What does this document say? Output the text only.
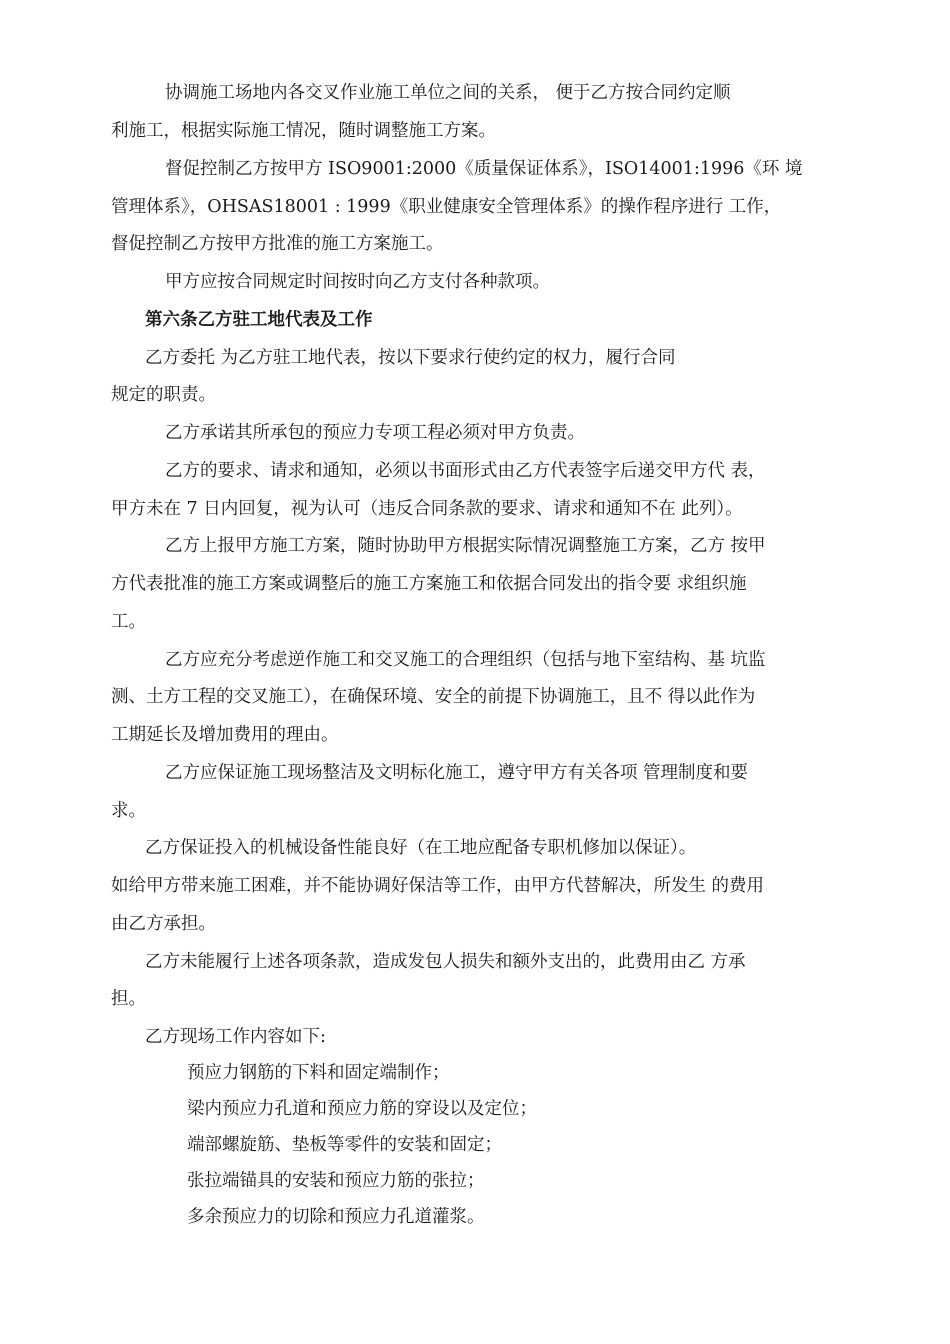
协调施工场地内各交叉作业施工单位之间的关系， 便于乙方按合同约定顺
利施工，根据实际施工情况，随时调整施工方案。
督促控制乙方按甲方 ISO9001:2000《质量保证体系》，ISO14001:1996《环 境
管理体系》，OHSAS18001 : 1999《职业健康安全管理体系》的操作程序进行 工作，
督促控制乙方按甲方批准的施工方案施工。
甲方应按合同规定时间按时向乙方支付各种款项。
第六条乙方驻工地代表及工作
乙方委托 为乙方驻工地代表，按以下要求行使约定的权力，履行合同
规定的职责。
乙方承诺其所承包的预应力专项工程必须对甲方负责。
乙方的要求、请求和通知，必须以书面形式由乙方代表签字后递交甲方代 表，
甲方未在 7 日内回复，视为认可（违反合同条款的要求、请求和通知不在 此列）。
乙方上报甲方施工方案，随时协助甲方根据实际情况调整施工方案，乙方 按甲
方代表批准的施工方案或调整后的施工方案施工和依据合同发出的指令要 求组织施
工。
乙方应充分考虑逆作施工和交叉施工的合理组织（包括与地下室结构、基 坑监
测、土方工程的交叉施工），在确保环境、安全的前提下协调施工，且不 得以此作为
工期延长及增加费用的理由。
乙方应保证施工现场整洁及文明标化施工，遵守甲方有关各项 管理制度和要
求。
乙方保证投入的机械设备性能良好（在工地应配备专职机修加以保证）。
如给甲方带来施工困难，并不能协调好保洁等工作，由甲方代替解决，所发生 的费用
由乙方承担。
乙方未能履行上述各项条款，造成发包人损失和额外支出的，此费用由乙 方承
担。
乙方现场工作内容如下:
预应力钢筋的下料和固定端制作；
梁内预应力孔道和预应力筋的穿设以及定位；
端部螺旋筋、垫板等零件的安装和固定；
张拉端锚具的安装和预应力筋的张拉；
多余预应力的切除和预应力孔道灌浆。
